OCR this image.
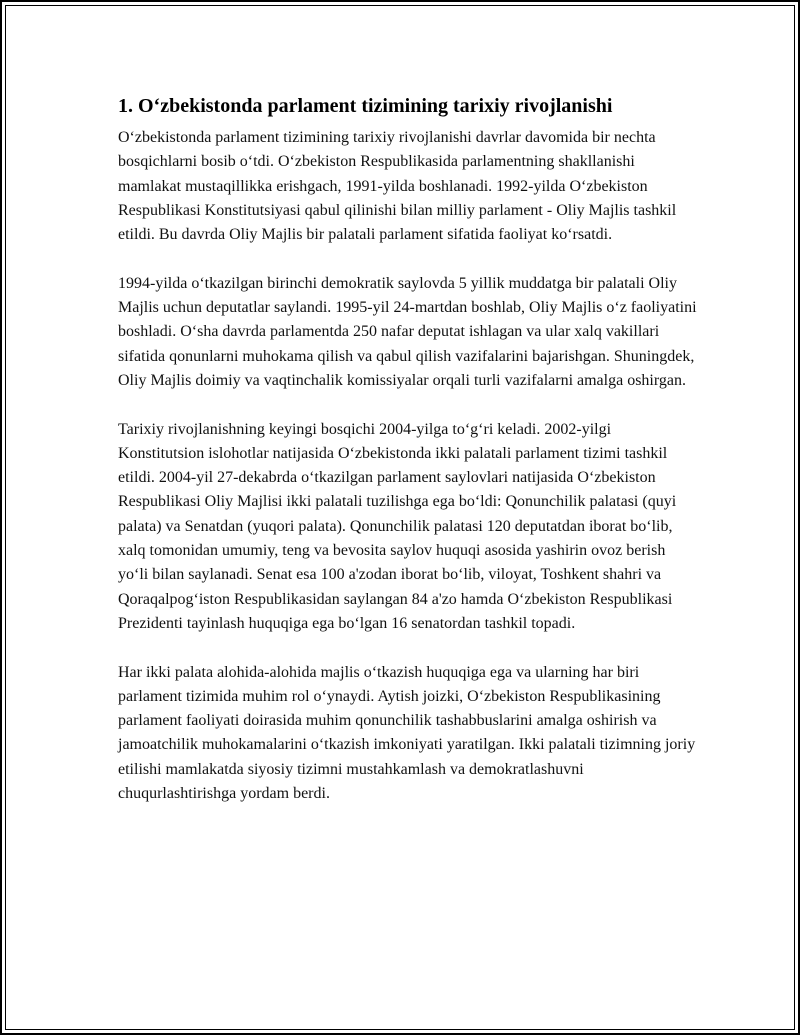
1. O‘zbekistonda parlament tizimining tarixiy rivojlanishi

O‘zbekistonda parlament tizimining tarixiy rivojlanishi davrlar davomida bir nechta bosqichlarni bosib o‘tdi. O‘zbekiston Respublikasida parlamentning shakllanishi mamlakat mustaqillikka erishgach, 1991-yilda boshlanadi. 1992-yilda O‘zbekiston Respublikasi Konstitutsiyasi qabul qilinishi bilan milliy parlament - Oliy Majlis tashkil etildi. Bu davrda Oliy Majlis bir palatali parlament sifatida faoliyat ko‘rsatdi.

1994-yilda o‘tkazilgan birinchi demokratik saylovda 5 yillik muddatga bir palatali Oliy Majlis uchun deputatlar saylandi. 1995-yil 24-martdan boshlab, Oliy Majlis o‘z faoliyatini boshladi. O‘sha davrda parlamentda 250 nafar deputat ishlagan va ular xalq vakillari sifatida qonunlarni muhokama qilish va qabul qilish vazifalarini bajarishgan. Shuningdek, Oliy Majlis doimiy va vaqtinchalik komissiyalar orqali turli vazifalarni amalga oshirgan.

Tarixiy rivojlanishning keyingi bosqichi 2004-yilga to‘g‘ri keladi. 2002-yilgi Konstitutsion islohotlar natijasida O‘zbekistonda ikki palatali parlament tizimi tashkil etildi. 2004-yil 27-dekabrda o‘tkazilgan parlament saylovlari natijasida O‘zbekiston Respublikasi Oliy Majlisi ikki palatali tuzilishga ega bo‘ldi: Qonunchilik palatasi (quyi palata) va Senatdan (yuqori palata). Qonunchilik palatasi 120 deputatdan iborat bo‘lib, xalq tomonidan umumiy, teng va bevosita saylov huquqi asosida yashirin ovoz berish yo‘li bilan saylanadi. Senat esa 100 a'zodan iborat bo‘lib, viloyat, Toshkent shahri va Qoraqalpog‘iston Respublikasidan saylangan 84 a'zo hamda O‘zbekiston Respublikasi Prezidenti tayinlash huquqiga ega bo‘lgan 16 senatordan tashkil topadi.

Har ikki palata alohida-alohida majlis o‘tkazish huquqiga ega va ularning har biri parlament tizimida muhim rol o‘ynaydi. Aytish joizki, O‘zbekiston Respublikasining parlament faoliyati doirasida muhim qonunchilik tashabbuslarini amalga oshirish va jamoatchilik muhokamalarini o‘tkazish imkoniyati yaratilgan. Ikki palatali tizimning joriy etilishi mamlakatda siyosiy tizimni mustahkamlash va demokratlashuvni chuqurlashtirishga yordam berdi.
